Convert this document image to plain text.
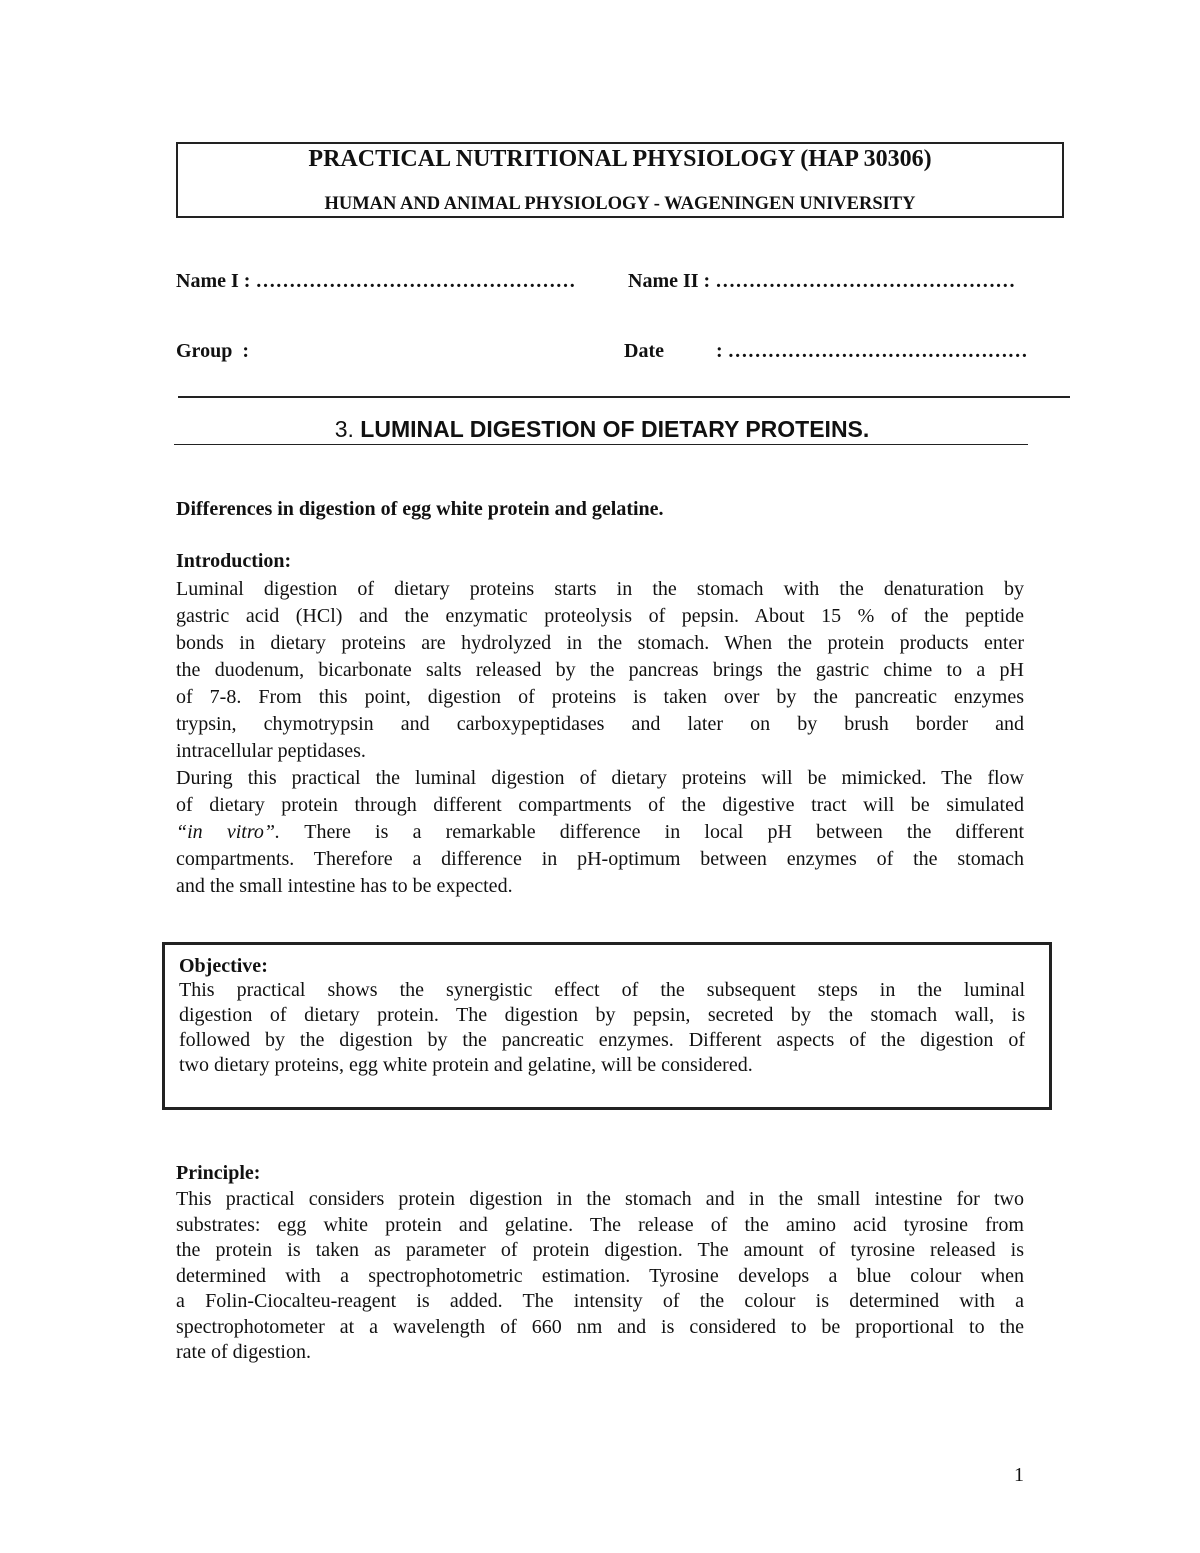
PRACTICAL NUTRITIONAL PHYSIOLOGY (HAP 30306)
HUMAN AND ANIMAL PHYSIOLOGY - WAGENINGEN UNIVERSITY
Name I : …………………………………………	Name II : ………………………………………
Group  :	Date	: ………………………………………
3. LUMINAL DIGESTION OF DIETARY PROTEINS.
Differences in digestion of egg white protein and gelatine.
Introduction:
Luminal digestion of dietary proteins starts in the stomach with the denaturation by
gastric acid (HCl) and the enzymatic proteolysis of pepsin. About 15 % of the peptide
bonds in dietary proteins are hydrolyzed in the stomach. When the protein products enter
the duodenum, bicarbonate salts released by the pancreas brings the gastric chime to a pH
of 7-8. From this point, digestion of proteins is taken over by the pancreatic enzymes
trypsin, chymotrypsin and carboxypeptidases and later on by brush border and
intracellular peptidases.
During this practical the luminal digestion of dietary proteins will be mimicked. The flow
of dietary protein through different compartments of the digestive tract will be simulated
“in vitro”. There is a remarkable difference in local pH between the different
compartments. Therefore a difference in pH-optimum between enzymes of the stomach
and the small intestine has to be expected.
Objective:
This practical shows the synergistic effect of the subsequent steps in the luminal
digestion of dietary protein. The digestion by pepsin, secreted by the stomach wall, is
followed by the digestion by the pancreatic enzymes. Different aspects of the digestion of
two dietary proteins, egg white protein and gelatine, will be considered.
Principle:
This practical considers protein digestion in the stomach and in the small intestine for two
substrates: egg white protein and gelatine. The release of the amino acid tyrosine from
the protein is taken as parameter of protein digestion. The amount of tyrosine released is
determined with a spectrophotometric estimation. Tyrosine develops a blue colour when
a Folin-Ciocalteu-reagent is added. The intensity of the colour is determined with a
spectrophotometer at a wavelength of 660 nm and is considered to be proportional to the
rate of digestion.
1
